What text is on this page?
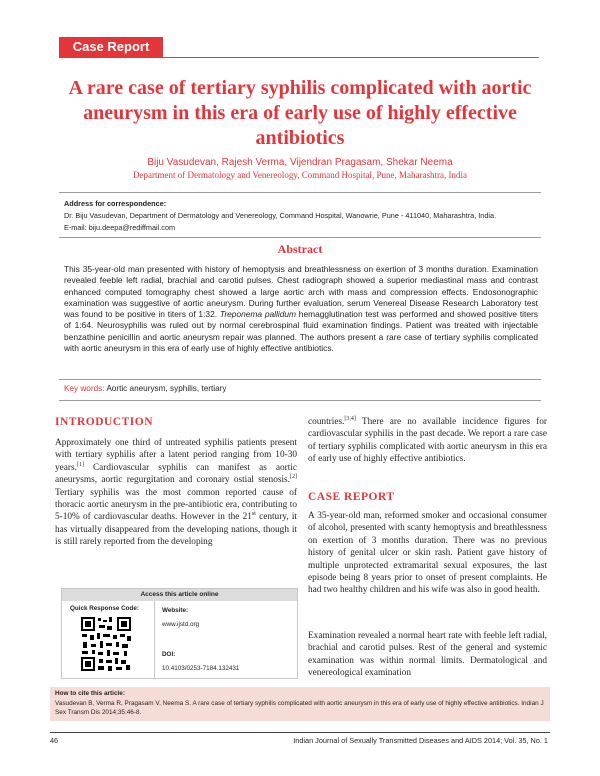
Case Report
A rare case of tertiary syphilis complicated with aortic aneurysm in this era of early use of highly effective antibiotics
Biju Vasudevan, Rajesh Verma, Vijendran Pragasam, Shekar Neema
Department of Dermatology and Venereology, Command Hospital, Pune, Maharashtra, India
Address for correspondence:
Dr. Biju Vasudevan, Department of Dermatology and Venereology, Command Hospital, Wanowrie, Pune - 411040, Maharashtra, India.
E-mail: biju.deepa@rediffmail.com
Abstract
This 35-year-old man presented with history of hemoptysis and breathlessness on exertion of 3 months duration. Examination revealed feeble left radial, brachial and carotid pulses. Chest radiograph showed a superior mediastinal mass and contrast enhanced computed tomography chest showed a large aortic arch with mass and compression effects. Endosonographic examination was suggestive of aortic aneurysm. During further evaluation, serum Venereal Disease Research Laboratory test was found to be positive in titers of 1:32. Treponema pallidum hemagglutination test was performed and showed positive titers of 1:64. Neurosyphilis was ruled out by normal cerebrospinal fluid examination findings. Patient was treated with injectable benzathine penicillin and aortic aneurysm repair was planned. The authors present a rare case of tertiary syphilis complicated with aortic aneurysm in this era of early use of highly effective antibiotics.
Key words: Aortic aneurysm, syphilis, tertiary
INTRODUCTION
Approximately one third of untreated syphilis patients present with tertiary syphilis after a latent period ranging from 10-30 years.[1] Cardiovascular syphilis can manifest as aortic aneurysms, aortic regurgitation and coronary ostial stenosis.[2] Tertiary syphilis was the most common reported cause of thoracic aortic aneurysm in the pre-antibiotic era, contributing to 5-10% of cardiovascular deaths. However in the 21st century, it has virtually disappeared from the developing nations, though it is still rarely reported from the developing
Access this article online
Quick Response Code:	Website:
www.ijstd.org
DOI:
10.4103/0253-7184.132431
countries.[3,4] There are no available incidence figures for cardiovascular syphilis in the past decade. We report a rare case of tertiary syphilis complicated with aortic aneurysm in this era of early use of highly effective antibiotics.
CASE REPORT
A 35-year-old man, reformed smoker and occasional consumer of alcohol, presented with scanty hemoptysis and breathlessness on exertion of 3 months duration. There was no previous history of genital ulcer or skin rash. Patient gave history of multiple unprotected extramarital sexual exposures, the last episode being 8 years prior to onset of present complaints. He had two healthy children and his wife was also in good health.
Examination revealed a normal heart rate with feeble left radial, brachial and carotid pulses. Rest of the general and systemic examination was within normal limits. Dermatological and venereological examination
How to cite this article:
Vasudevan B, Verma R, Pragasam V, Neema S. A rare case of tertiary syphilis complicated with aortic aneurysm in this era of early use of highly effective antibiotics. Indian J Sex Transm Dis 2014;35:46-8.
46	Indian Journal of Sexually Transmitted Diseases and AIDS 2014; Vol. 35, No. 1
